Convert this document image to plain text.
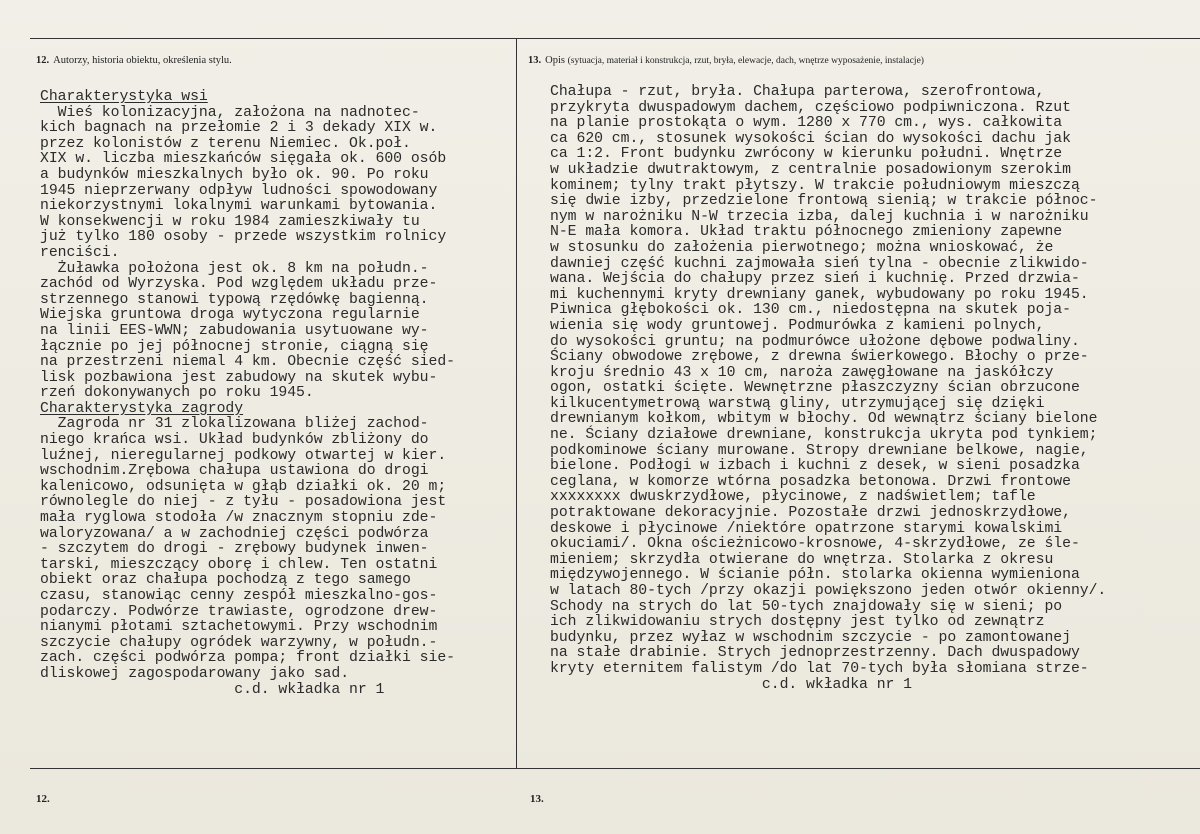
12. Autorzy, historia obiektu, określenia stylu.	13. Opis (sytuacja, materiał i konstrukcja, rzut, bryła, elewacje, dach, wnętrze wyposażenie, instalacje)
Charakterystyka wsi
Wieś kolonizacyjna, założona na nadnotec-
kich bagnach na przełomie 2 i 3 dekady XIX w.
przez kolonistów z terenu Niemiec. Ok.poł.
XIX w. liczba mieszkańców sięgała ok. 600 osób
a budynków mieszkalnych było ok. 90. Po roku
1945 nieprzerwany odpływ ludności spowodowany
niekorzystnymi lokalnymi warunkami bytowania.
W konsekwencji w roku 1984 zamieszkiwały tu
już tylko 180 osoby - przede wszystkim rolnicy
renciści.
Żuławka położona jest ok. 8 km na połudn.-
zachód od Wyrzyska. Pod względem układu prze-
strzennego stanowi typową rzędówkę bagienną.
Wiejska gruntowa droga wytyczona regularnie
na linii EES-WWN; zabudowania usytuowane wy-
łącznie po jej północnej stronie, ciągną się
na przestrzeni niemal 4 km. Obecnie część sied-
lisk pozbawiona jest zabudowy na skutek wybu-
rzeń dokonywanych po roku 1945.
Charakterystyka zagrody
Zagroda nr 31 zlokalizowana bliżej zachod-
niego krańca wsi. Układ budynków zbliżony do
luźnej, nieregularnej podkowy otwartej w kier.
wschodnim.Zrębowa chałupa ustawiona do drogi
kalenicowo, odsunięta w głąb działki ok. 20 m;
równolegle do niej - z tyłu - posadowiona jest
mała ryglowa stodoła /w znacznym stopniu zde-
waloryzowana/ a w zachodniej części podwórza
- szczytem do drogi - zrębowy budynek inwen-
tarski, mieszczący oborę i chlew. Ten ostatni
obiekt oraz chałupa pochodzą z tego samego
czasu, stanowiąc cenny zespół mieszkalno-gos-
podarczy. Podwórze trawiaste, ogrodzone drew-
nianymi płotami sztachetowymi. Przy wschodnim
szczycie chałupy ogródek warzywny, w połudn.-
zach. części podwórza pompa; front działki sie-
dliskowej zagospodarowany jako sad.
c.d. wkładka nr 1
Chałupa - rzut, bryła. Chałupa parterowa, szerofrontowa,
przykryta dwuspadowym dachem, częściowo podpiwniczona. Rzut
na planie prostokąta o wym. 1280 x 770 cm., wys. całkowita
ca 620 cm., stosunek wysokości ścian do wysokości dachu jak
ca 1:2. Front budynku zwrócony w kierunku południ. Wnętrze
w układzie dwutraktowym, z centralnie posadowionym szerokim
kominem; tylny trakt płytszy. W trakcie południowym mieszczą
się dwie izby, przedzielone frontową sienią; w trakcie północ-
nym w narożniku N-W trzecia izba, dalej kuchnia i w narożniku
N-E mała komora. Układ traktu północnego zmieniony zapewne
w stosunku do założenia pierwotnego; można wnioskować, że
dawniej część kuchni zajmowała sień tylna - obecnie zlikwido-
wana. Wejścia do chałupy przez sień i kuchnię. Przed drzwia-
mi kuchennymi kryty drewniany ganek, wybudowany po roku 1945.
Piwnica głębokości ok. 130 cm., niedostępna na skutek poja-
wienia się wody gruntowej. Podmurówka z kamieni polnych,
do wysokości gruntu; na podmurówce ułożone dębowe podwaliny.
Ściany obwodowe zrębowe, z drewna świerkowego. Błochy o prze-
kroju średnio 43 x 10 cm, naroża zawęgłowane na jaskółczy
ogon, ostatki ścięte. Wewnętrzne płaszczyzny ścian obrzucone
kilkucentymetrową warstwą gliny, utrzymującej się dzięki
drewnianym kołkom, wbitym w błochy. Od wewnątrz ściany bielone
ne. Ściany działowe drewniane, konstrukcja ukryta pod tynkiem;
podkominowe ściany murowane. Stropy drewniane belkowe, nagie,
bielone. Podłogi w izbach i kuchni z desek, w sieni posadzka
ceglana, w komorze wtórna posadzka betonowa. Drzwi frontowe
xxxxxxxx dwuskrzydłowe, płycinowe, z nadświetlem; tafle
potraktowane dekoracyjnie. Pozostałe drzwi jednoskrzydłowe,
deskowe i płycinowe /niektóre opatrzone starymi kowalskimi
okuciami/. Okna ościeżnicowo-krosnowe, 4-skrzydłowe, ze śle-
mieniem; skrzydła otwierane do wnętrza. Stolarka z okresu
międzywojennego. W ścianie półn. stolarka okienna wymieniona
w latach 80-tych /przy okazji powiększono jeden otwór okienny/.
Schody na strych do lat 50-tych znajdowały się w sieni; po
ich zlikwidowaniu strych dostępny jest tylko od zewnątrz
budynku, przez wyłaz w wschodnim szczycie - po zamontowanej
na stałe drabinie. Strych jednoprzestrzenny. Dach dwuspadowy
kryty eternitem falistym /do lat 70-tych była słomiana strze-
c.d. wkładka nr 1
12.	13.
